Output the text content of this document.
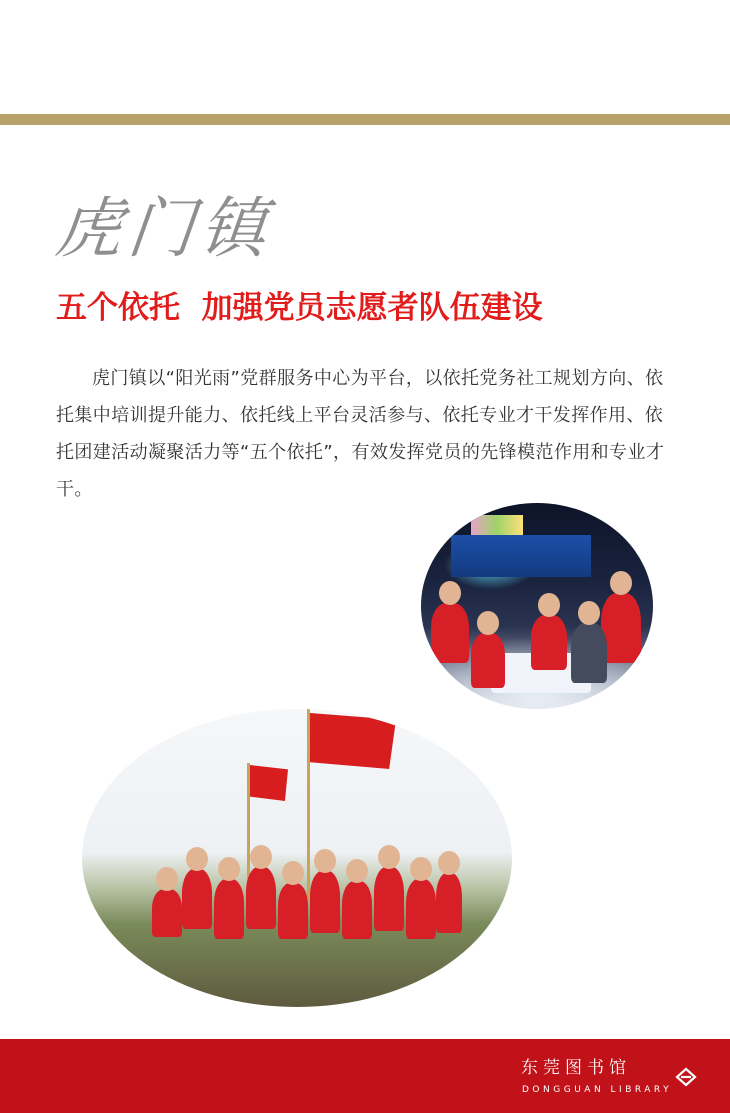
虎门镇
五个依托  加强党员志愿者队伍建设

虎门镇以“阳光雨”党群服务中心为平台，以依托党务社工规划方向、依托集中培训提升能力、依托线上平台灵活参与、依托专业才干发挥作用、依托团建活动凝聚活力等“五个依托”，有效发挥党员的先锋模范作用和专业才干。

东莞图书馆
DONGGUAN LIBRARY
